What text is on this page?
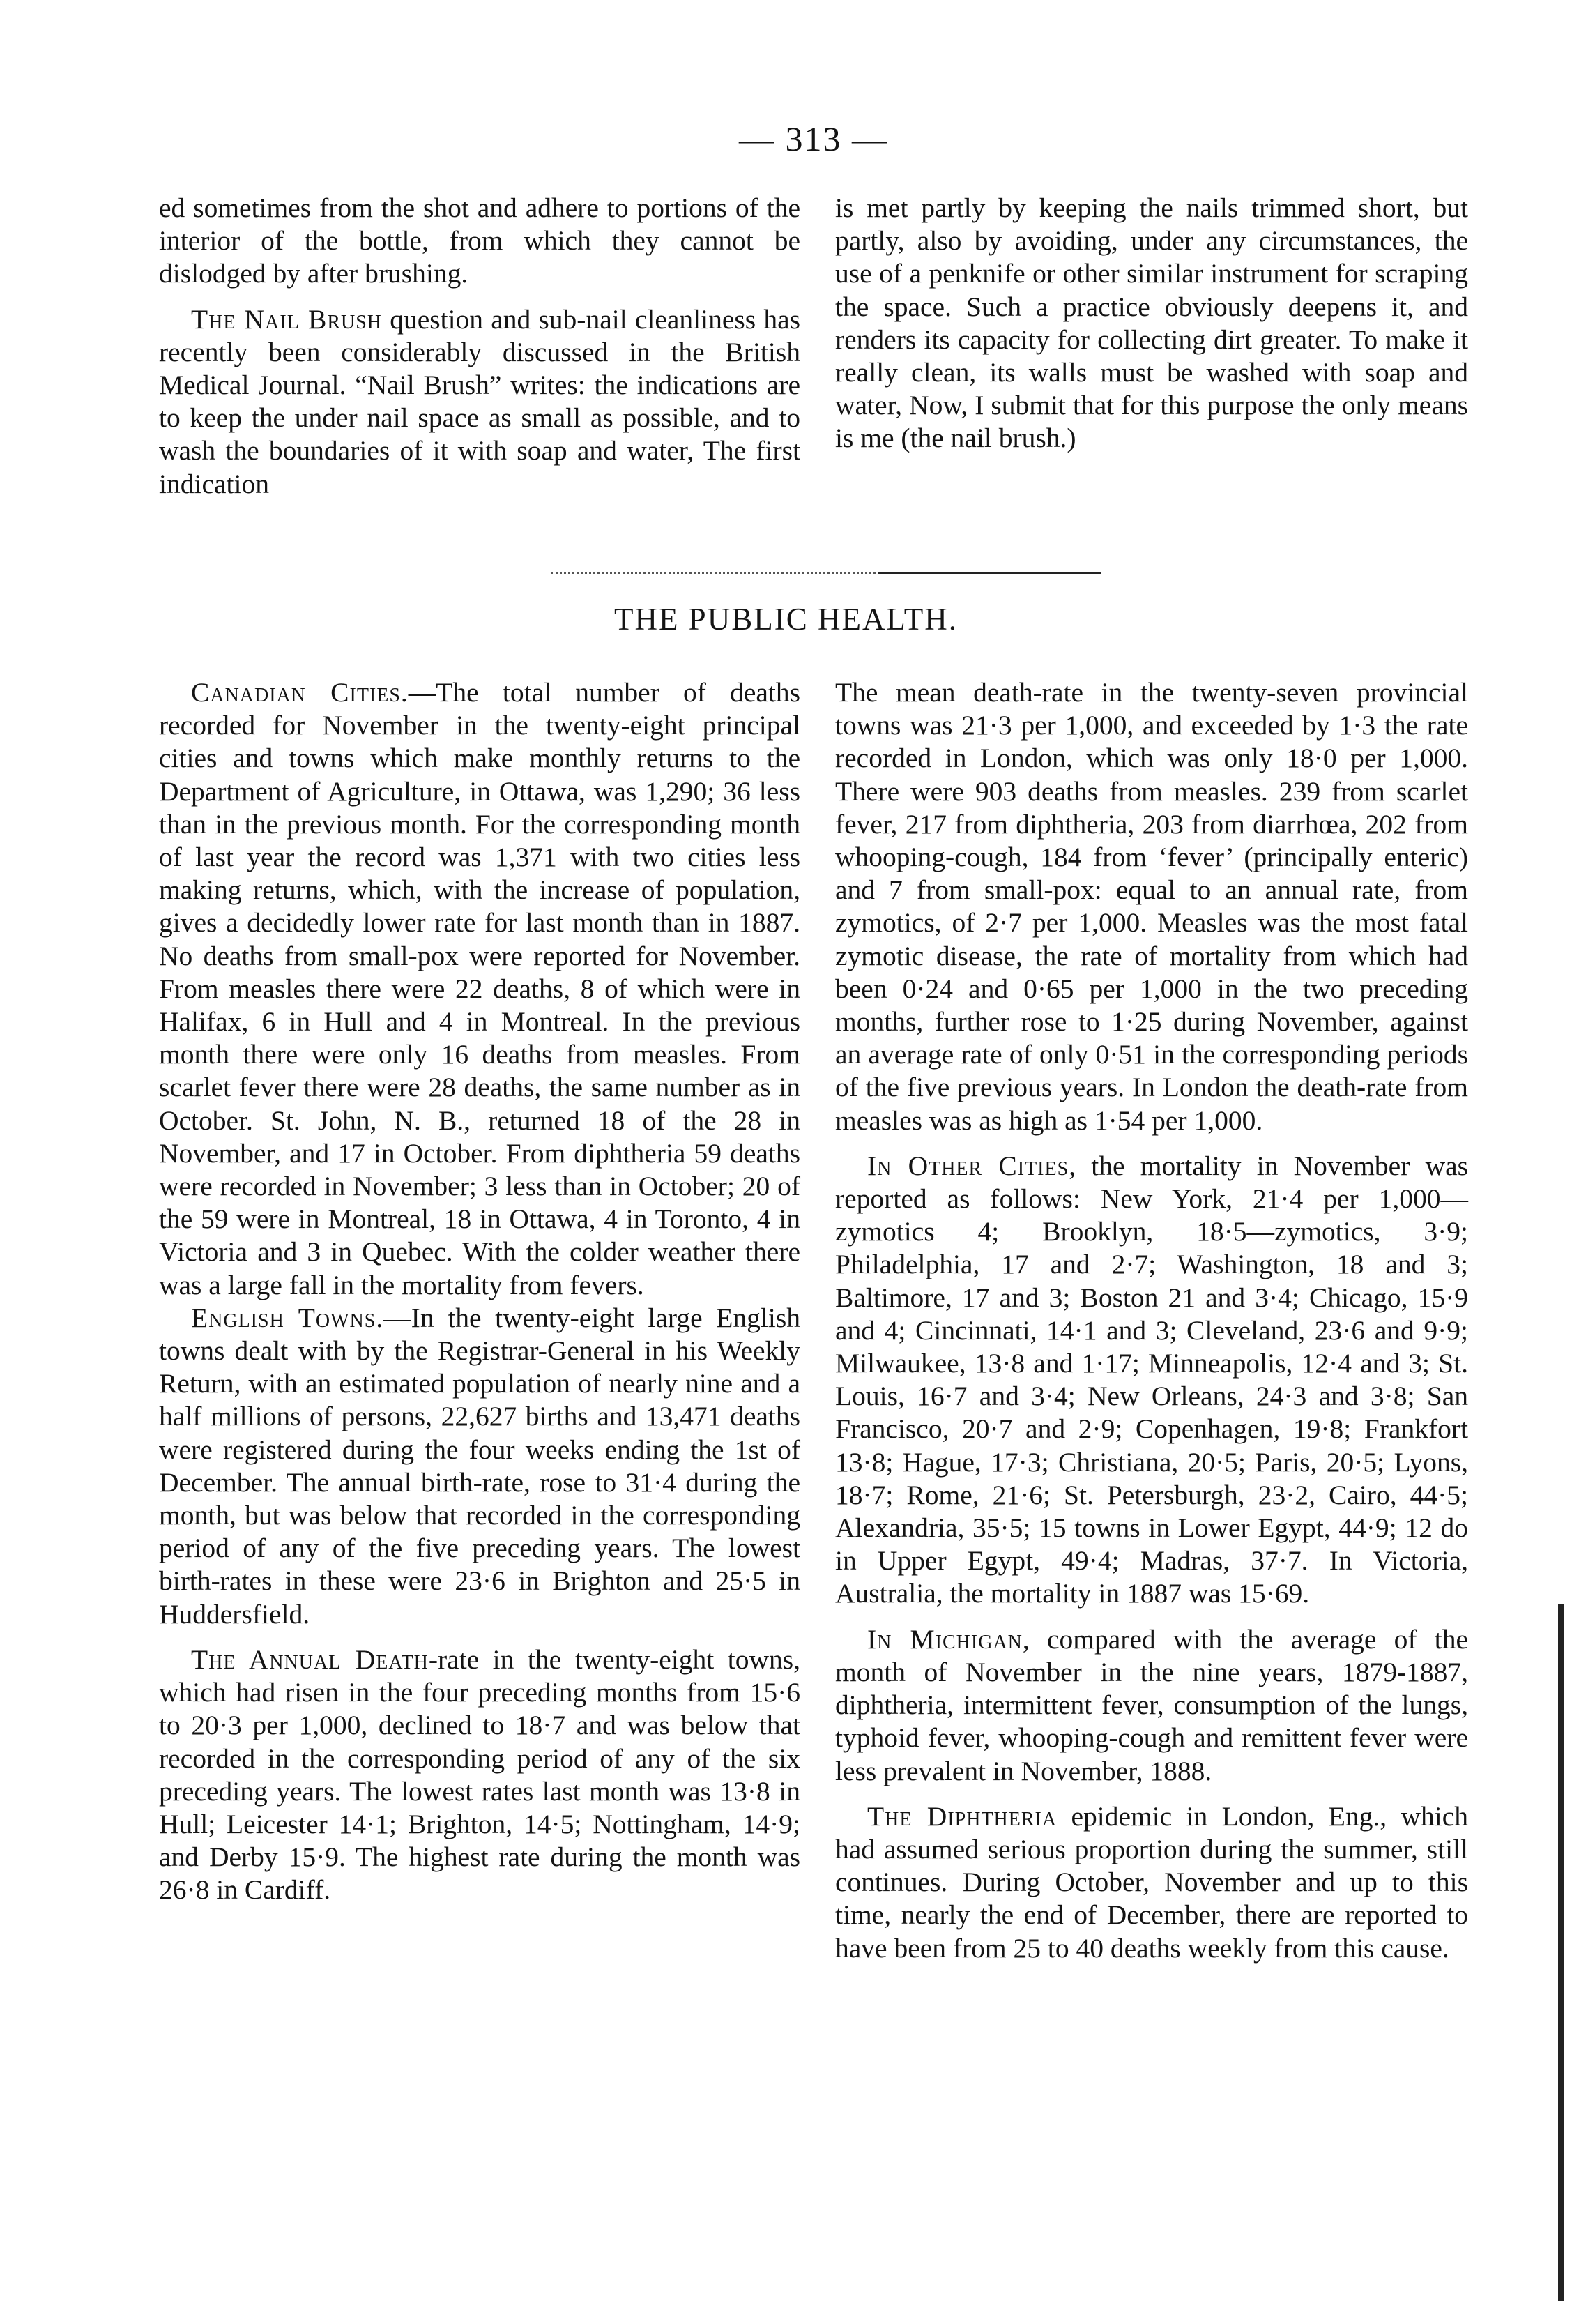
— 313 —

ed sometimes from the shot and adhere to portions of the interior of the bottle, from which they cannot be dislodged by after brushing.

The Nail Brush question and sub-nail cleanliness has recently been considerably discussed in the British Medical Journal. “Nail Brush” writes: the indications are to keep the under nail space as small as possible, and to wash the boundaries of it with soap and water, The first indication

is met partly by keeping the nails trimmed short, but partly, also by avoiding, under any circumstances, the use of a penknife or other similar instrument for scraping the space. Such a practice obviously deepens it, and renders its capacity for collecting dirt greater. To make it really clean, its walls must be washed with soap and water, Now, I submit that for this purpose the only means is me (the nail brush.)

THE PUBLIC HEALTH.

Canadian Cities.—The total number of deaths recorded for November in the twenty-eight principal cities and towns which make monthly returns to the Department of Agriculture, in Ottawa, was 1,290; 36 less than in the previous month. For the corresponding month of last year the record was 1,371 with two cities less making returns, which, with the increase of population, gives a decidedly lower rate for last month than in 1887. No deaths from small-pox were reported for November. From measles there were 22 deaths, 8 of which were in Halifax, 6 in Hull and 4 in Montreal. In the previous month there were only 16 deaths from measles. From scarlet fever there were 28 deaths, the same number as in October. St. John, N. B., returned 18 of the 28 in November, and 17 in October. From diphtheria 59 deaths were recorded in November; 3 less than in October; 20 of the 59 were in Montreal, 18 in Ottawa, 4 in Toronto, 4 in Victoria and 3 in Quebec. With the colder weather there was a large fall in the mortality from fevers.

English Towns.—In the twenty-eight large English towns dealt with by the Registrar-General in his Weekly Return, with an estimated population of nearly nine and a half millions of persons, 22,627 births and 13,471 deaths were registered during the four weeks ending the 1st of December. The annual birth-rate, rose to 31·4 during the month, but was below that recorded in the corresponding period of any of the five preceding years. The lowest birth-rates in these were 23·6 in Brighton and 25·5 in Huddersfield.

The Annual Death-rate in the twenty-eight towns, which had risen in the four preceding months from 15·6 to 20·3 per 1,000, declined to 18·7 and was below that recorded in the corresponding period of any of the six preceding years. The lowest rates last month was 13·8 in Hull; Leicester 14·1; Brighton, 14·5; Nottingham, 14·9; and Derby 15·9. The highest rate during the month was 26·8 in Cardiff.

The mean death-rate in the twenty-seven provincial towns was 21·3 per 1,000, and exceeded by 1·3 the rate recorded in London, which was only 18·0 per 1,000. There were 903 deaths from measles. 239 from scarlet fever, 217 from diphtheria, 203 from diarrhœa, 202 from whooping-cough, 184 from ‘fever’ (principally enteric) and 7 from small-pox: equal to an annual rate, from zymotics, of 2·7 per 1,000. Measles was the most fatal zymotic disease, the rate of mortality from which had been 0·24 and 0·65 per 1,000 in the two preceding months, further rose to 1·25 during November, against an average rate of only 0·51 in the corresponding periods of the five previous years. In London the death-rate from measles was as high as 1·54 per 1,000.

In Other Cities, the mortality in November was reported as follows: New York, 21·4 per 1,000—zymotics 4; Brooklyn, 18·5—zymotics, 3·9; Philadelphia, 17 and 2·7; Washington, 18 and 3; Baltimore, 17 and 3; Boston 21 and 3·4; Chicago, 15·9 and 4; Cincinnati, 14·1 and 3; Cleveland, 23·6 and 9·9; Milwaukee, 13·8 and 1·17; Minneapolis, 12·4 and 3; St. Louis, 16·7 and 3·4; New Orleans, 24·3 and 3·8; San Francisco, 20·7 and 2·9; Copenhagen, 19·8; Frankfort 13·8; Hague, 17·3; Christiana, 20·5; Paris, 20·5; Lyons, 18·7; Rome, 21·6; St. Petersburgh, 23·2, Cairo, 44·5; Alexandria, 35·5; 15 towns in Lower Egypt, 44·9; 12 do in Upper Egypt, 49·4; Madras, 37·7. In Victoria, Australia, the mortality in 1887 was 15·69.

In Michigan, compared with the average of the month of November in the nine years, 1879-1887, diphtheria, intermittent fever, consumption of the lungs, typhoid fever, whooping-cough and remittent fever were less prevalent in November, 1888.

The Diphtheria epidemic in London, Eng., which had assumed serious proportion during the summer, still continues. During October, November and up to this time, nearly the end of December, there are reported to have been from 25 to 40 deaths weekly from this cause.
